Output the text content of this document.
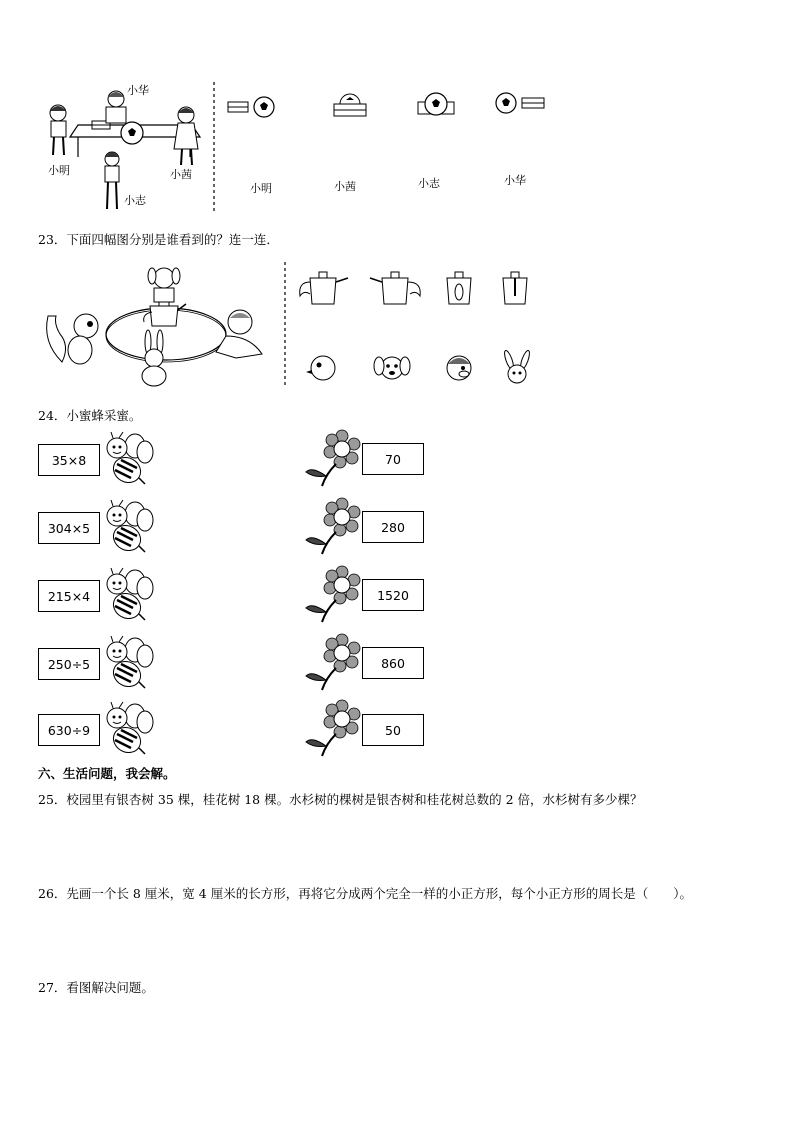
小明
小华
小茜
小志
小明	小茜	小志	小华
23．下面四幅图分别是谁看到的？连一连．
24．小蜜蜂采蜜。
35×8	70
304×5	280
215×4	1520
250÷5	860
630÷9	50
六、生活问题，我会解。
25．校园里有银杏树 35 棵，桂花树 18 棵。水杉树的棵树是银杏树和桂花树总数的 2 倍，水杉树有多少棵？
26．先画一个长 8 厘米，宽 4 厘米的长方形，再将它分成两个完全一样的小正方形，每个小正方形的周长是（　　）。
27．看图解决问题。
